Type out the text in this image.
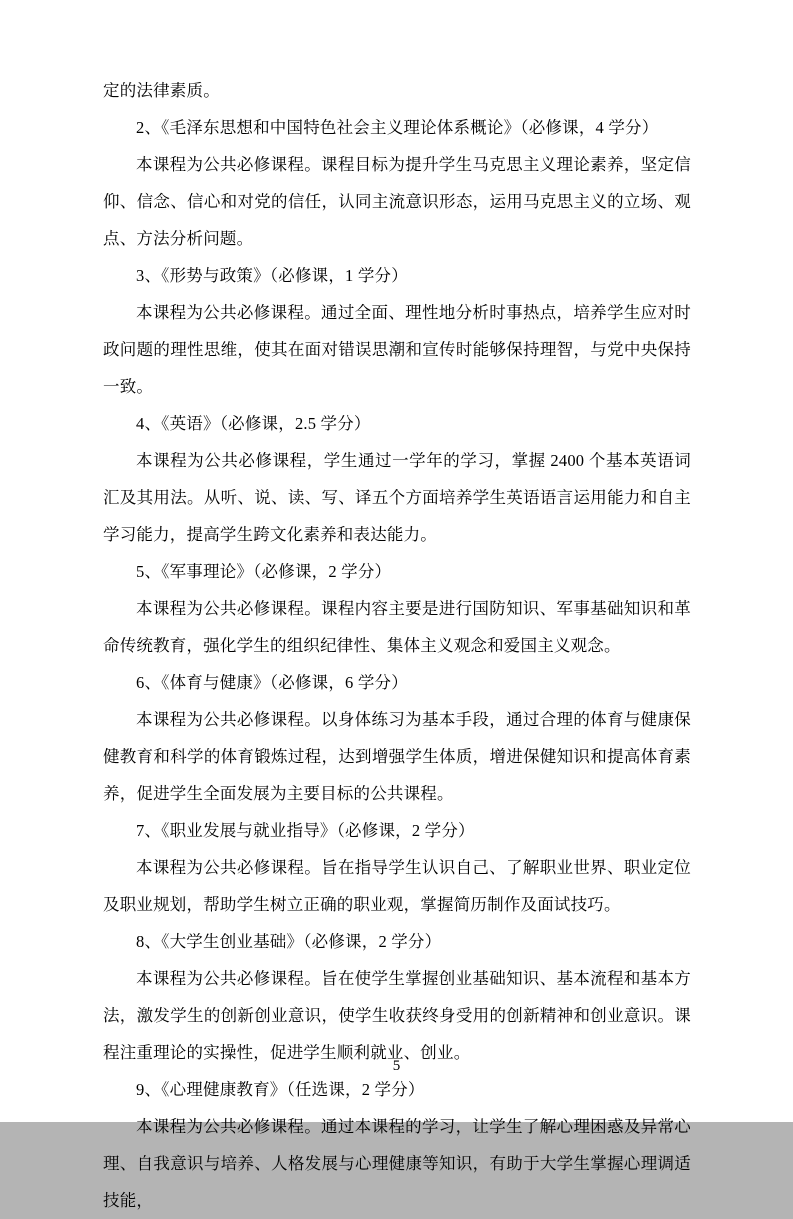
定的法律素质。

2、《毛泽东思想和中国特色社会主义理论体系概论》（必修课，4 学分）

本课程为公共必修课程。课程目标为提升学生马克思主义理论素养，坚定信仰、信念、信心和对党的信任，认同主流意识形态，运用马克思主义的立场、观点、方法分析问题。

3、《形势与政策》（必修课，1 学分）

本课程为公共必修课程。通过全面、理性地分析时事热点，培养学生应对时政问题的理性思维，使其在面对错误思潮和宣传时能够保持理智，与党中央保持一致。

4、《英语》（必修课，2.5 学分）

本课程为公共必修课程，学生通过一学年的学习，掌握 2400 个基本英语词汇及其用法。从听、说、读、写、译五个方面培养学生英语语言运用能力和自主学习能力，提高学生跨文化素养和表达能力。

5、《军事理论》（必修课，2 学分）

本课程为公共必修课程。课程内容主要是进行国防知识、军事基础知识和革命传统教育，强化学生的组织纪律性、集体主义观念和爱国主义观念。

6、《体育与健康》（必修课，6 学分）

本课程为公共必修课程。以身体练习为基本手段，通过合理的体育与健康保健教育和科学的体育锻炼过程，达到增强学生体质，增进保健知识和提高体育素养，促进学生全面发展为主要目标的公共课程。

7、《职业发展与就业指导》（必修课，2 学分）

本课程为公共必修课程。旨在指导学生认识自己、了解职业世界、职业定位及职业规划，帮助学生树立正确的职业观，掌握简历制作及面试技巧。

8、《大学生创业基础》（必修课，2 学分）

本课程为公共必修课程。旨在使学生掌握创业基础知识、基本流程和基本方法，激发学生的创新创业意识，使学生收获终身受用的创新精神和创业意识。课程注重理论的实操性，促进学生顺利就业、创业。

9、《心理健康教育》（任选课，2 学分）

本课程为公共必修课程。通过本课程的学习，让学生了解心理困惑及异常心理、自我意识与培养、人格发展与心理健康等知识，有助于大学生掌握心理调适技能，

5
